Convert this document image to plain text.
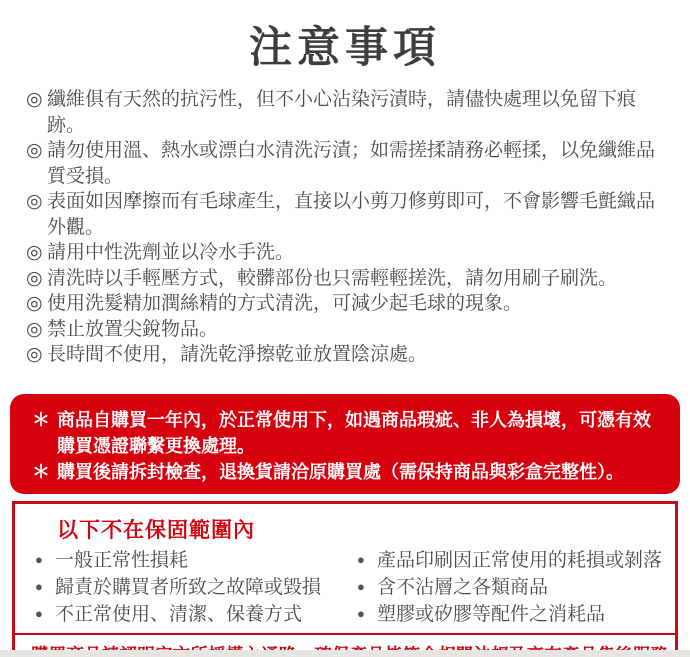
注意事項
◎ 纖維俱有天然的抗污性，但不小心沾染污漬時，請儘快處理以免留下痕跡。
◎ 請勿使用溫、熱水或漂白水清洗污漬；如需搓揉請務必輕揉，以免纖維品質受損。
◎ 表面如因摩擦而有毛球產生，直接以小剪刀修剪即可，不會影響毛氈織品外觀。
◎ 請用中性洗劑並以冷水手洗。
◎ 清洗時以手輕壓方式，較髒部份也只需輕輕搓洗，請勿用刷子刷洗。
◎ 使用洗髮精加潤絲精的方式清洗，可減少起毛球的現象。
◎ 禁止放置尖銳物品。
◎ 長時間不使用，請洗乾淨擦乾並放置陰涼處。
＊ 商品自購買一年內，於正常使用下，如遇商品瑕疵、非人為損壞，可憑有效購買憑證聯繫更換處理。
＊ 購買後請拆封檢查，退換貨請洽原購買處（需保持商品與彩盒完整性）。
以下不在保固範圍內
● 一般正常性損耗
● 歸責於購買者所致之故障或毀損
● 不正常使用、清潔、保養方式
● 產品印刷因正常使用的耗損或剝落
● 含不沾層之各類商品
● 塑膠或矽膠等配件之消耗品
